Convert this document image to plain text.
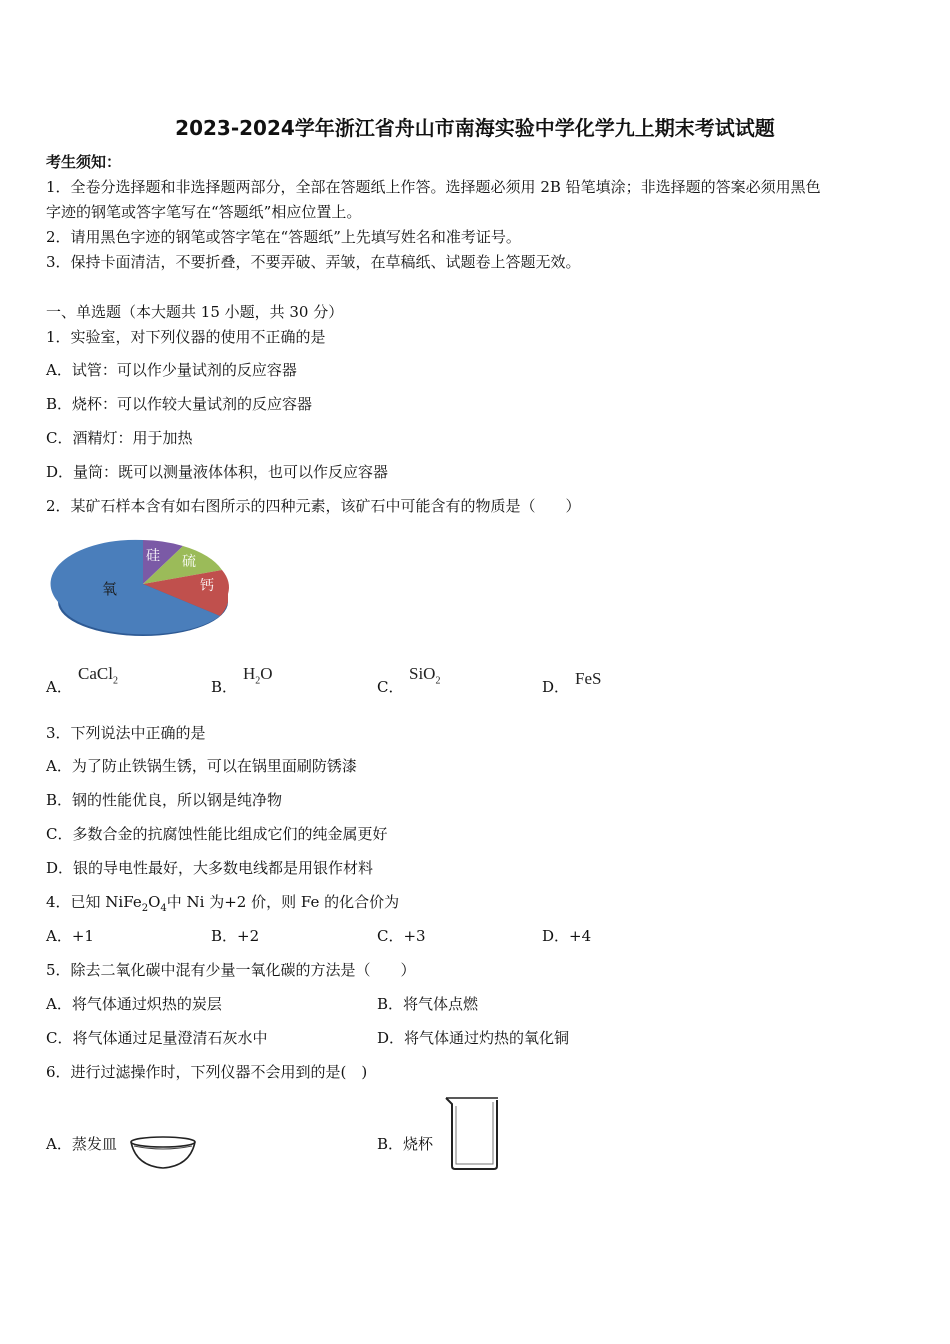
2023-2024学年浙江省舟山市南海实验中学化学九上期末考试试题
考生须知：
1．全卷分选择题和非选择题两部分，全部在答题纸上作答。选择题必须用 2B 铅笔填涂；非选择题的答案必须用黑色
字迹的钢笔或答字笔写在“答题纸”相应位置上。
2．请用黑色字迹的钢笔或答字笔在“答题纸”上先填写姓名和准考证号。
3．保持卡面清洁，不要折叠，不要弄破、弄皱，在草稿纸、试题卷上答题无效。
一、单选题（本大题共 15 小题，共 30 分）
1．实验室，对下列仪器的使用不正确的是
A．试管：可以作少量试剂的反应容器
B．烧杯：可以作较大量试剂的反应容器
C．酒精灯：用于加热
D．量筒：既可以测量液体体积，也可以作反应容器
2．某矿石样本含有如右图所示的四种元素，该矿石中可能含有的物质是（　　）
氧
硅 硫
钙
A．
CaCl$_2$	B．
$H_2O$
C．
SiO$_2$	D． FeS
3．下列说法中正确的是
A．为了防止铁锅生锈，可以在锅里面刷防锈漆
B．钢的性能优良，所以钢是纯净物
C．多数合金的抗腐蚀性能比组成它们的纯金属更好
D．银的导电性最好，大多数电线都是用银作材料
4．已知 $NiFe_2O_4$中 Ni 为+2 价，则 Fe 的化合价为
A．+1	B．+2	C．+3	D．+4
5．除去二氧化碳中混有少量一氧化碳的方法是（　　）
A．将气体通过炽热的炭层	B．将气体点燃
C．将气体通过足量澄清石灰水中	D．将气体通过灼热的氧化铜
6．进行过滤操作时，下列仪器不会用到的是(　)
A．蒸发皿	B．烧杯
